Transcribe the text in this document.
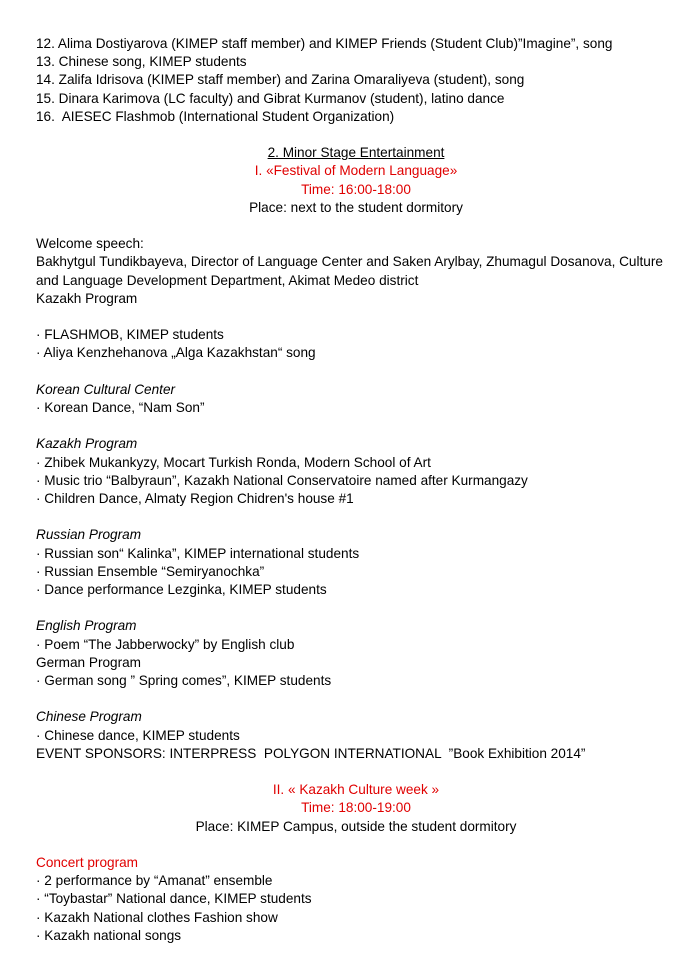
12. Alima Dostiyarova (KIMEP staff member) and KIMEP Friends (Student Club)”Imagine”, song
13. Chinese song, KIMEP students
14. Zalifa Idrisova (KIMEP staff member) and Zarina Omaraliyeva (student), song
15. Dinara Karimova (LC faculty) and Gibrat Kurmanov (student), latino dance
16.  AIESEC Flashmob (International Student Organization)
2. Minor Stage Entertainment
I. «Festival of Modern Language»
Time: 16:00-18:00
Place: next to the student dormitory
Welcome speech:
Bakhytgul Tundikbayeva, Director of Language Center and Saken Arylbay, Zhumagul Dosanova, Culture and Language Development Department, Akimat Medeo district
Kazakh Program
· FLASHMOB, KIMEP students
· Aliya Kenzhehanova „Alga Kazakhstan“ song
Korean Cultural Center
· Korean Dance, “Nam Son”
Kazakh Program
· Zhibek Mukankyzy, Mocart Turkish Ronda, Modern School of Art
· Music trio “Balbyraun”, Kazakh National Conservatoire named after Kurmangazy
· Children Dance, Almaty Region Chidren's house #1
Russian Program
· Russian son“ Kalinka”, KIMEP international students
· Russian Ensemble “Semiryanochka”
· Dance performance Lezginka, KIMEP students
English Program
· Poem “The Jabberwocky” by English club
German Program
· German song ” Spring comes”, KIMEP students
Chinese Program
· Chinese dance, KIMEP students
EVENT SPONSORS: INTERPRESS  POLYGON INTERNATIONAL  ”Book Exhibition 2014”
II. « Kazakh Culture week »
Time: 18:00-19:00
Place: KIMEP Campus, outside the student dormitory
Concert program
· 2 performance by “Amanat” ensemble
· “Toybastar” National dance, KIMEP students
· Kazakh National clothes Fashion show
· Kazakh national songs
